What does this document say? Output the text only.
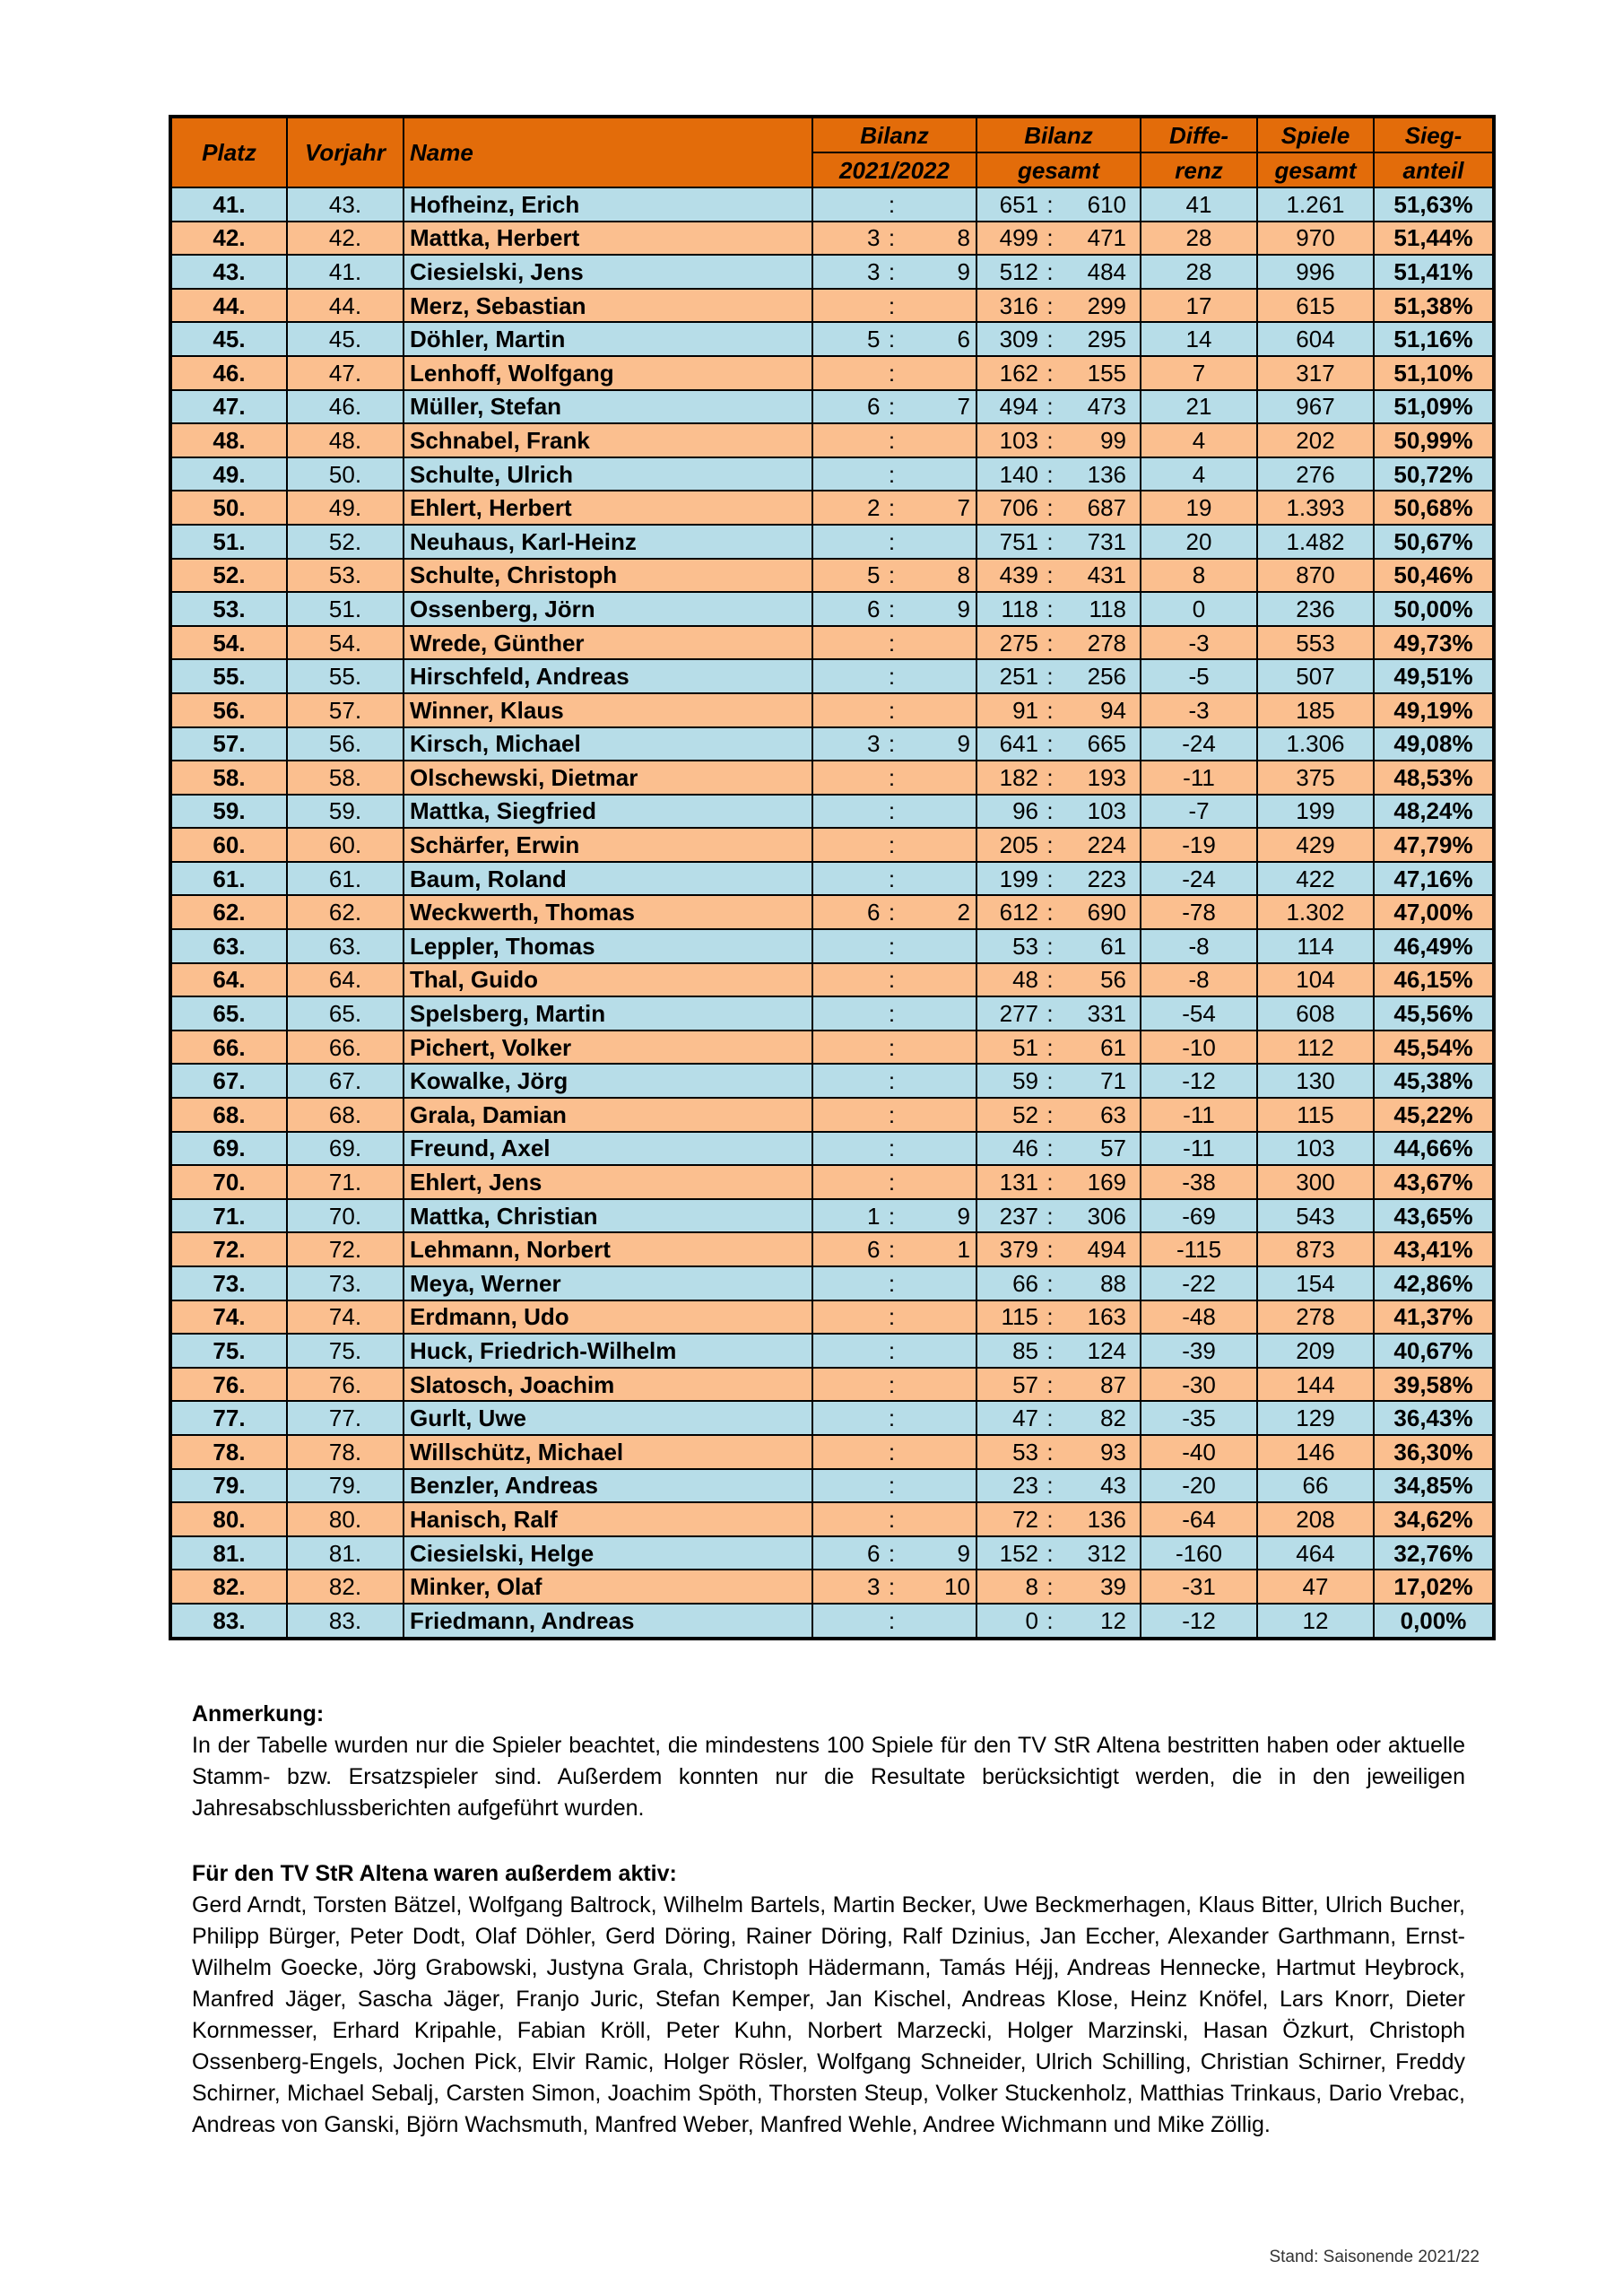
Platz	Vorjahr	Name	Bilanz	Bilanz	Diffe-	Spiele	Sieg-
			2021/2022	gesamt	renz	gesamt	anteil
41.	43.	Hofheinz, Erich	:	651 : 610	41	1.261	51,63%
42.	42.	Mattka, Herbert	3 : 8	499 : 471	28	970	51,44%
43.	41.	Ciesielski, Jens	3 : 9	512 : 484	28	996	51,41%
44.	44.	Merz, Sebastian	:	316 : 299	17	615	51,38%
45.	45.	Döhler, Martin	5 : 6	309 : 295	14	604	51,16%
46.	47.	Lenhoff, Wolfgang	:	162 : 155	7	317	51,10%
47.	46.	Müller, Stefan	6 : 7	494 : 473	21	967	51,09%
48.	48.	Schnabel, Frank	:	103 : 99	4	202	50,99%
49.	50.	Schulte, Ulrich	:	140 : 136	4	276	50,72%
50.	49.	Ehlert, Herbert	2 : 7	706 : 687	19	1.393	50,68%
51.	52.	Neuhaus, Karl-Heinz	:	751 : 731	20	1.482	50,67%
52.	53.	Schulte, Christoph	5 : 8	439 : 431	8	870	50,46%
53.	51.	Ossenberg, Jörn	6 : 9	118 : 118	0	236	50,00%
54.	54.	Wrede, Günther	:	275 : 278	-3	553	49,73%
55.	55.	Hirschfeld, Andreas	:	251 : 256	-5	507	49,51%
56.	57.	Winner, Klaus	:	91 : 94	-3	185	49,19%
57.	56.	Kirsch, Michael	3 : 9	641 : 665	-24	1.306	49,08%
58.	58.	Olschewski, Dietmar	:	182 : 193	-11	375	48,53%
59.	59.	Mattka, Siegfried	:	96 : 103	-7	199	48,24%
60.	60.	Schärfer, Erwin	:	205 : 224	-19	429	47,79%
61.	61.	Baum, Roland	:	199 : 223	-24	422	47,16%
62.	62.	Weckwerth, Thomas	6 : 2	612 : 690	-78	1.302	47,00%
63.	63.	Leppler, Thomas	:	53 : 61	-8	114	46,49%
64.	64.	Thal, Guido	:	48 : 56	-8	104	46,15%
65.	65.	Spelsberg, Martin	:	277 : 331	-54	608	45,56%
66.	66.	Pichert, Volker	:	51 : 61	-10	112	45,54%
67.	67.	Kowalke, Jörg	:	59 : 71	-12	130	45,38%
68.	68.	Grala, Damian	:	52 : 63	-11	115	45,22%
69.	69.	Freund, Axel	:	46 : 57	-11	103	44,66%
70.	71.	Ehlert, Jens	:	131 : 169	-38	300	43,67%
71.	70.	Mattka, Christian	1 : 9	237 : 306	-69	543	43,65%
72.	72.	Lehmann, Norbert	6 : 1	379 : 494	-115	873	43,41%
73.	73.	Meya, Werner	:	66 : 88	-22	154	42,86%
74.	74.	Erdmann, Udo	:	115 : 163	-48	278	41,37%
75.	75.	Huck, Friedrich-Wilhelm	:	85 : 124	-39	209	40,67%
76.	76.	Slatosch, Joachim	:	57 : 87	-30	144	39,58%
77.	77.	Gurlt, Uwe	:	47 : 82	-35	129	36,43%
78.	78.	Willschütz, Michael	:	53 : 93	-40	146	36,30%
79.	79.	Benzler, Andreas	:	23 : 43	-20	66	34,85%
80.	80.	Hanisch, Ralf	:	72 : 136	-64	208	34,62%
81.	81.	Ciesielski, Helge	6 : 9	152 : 312	-160	464	32,76%
82.	82.	Minker, Olaf	3 : 10	8 : 39	-31	47	17,02%
83.	83.	Friedmann, Andreas	:	0 : 12	-12	12	0,00%
Anmerkung:

In der Tabelle wurden nur die Spieler beachtet, die mindestens 100 Spiele für den TV StR Altena bestritten haben oder aktuelle Stamm- bzw. Ersatzspieler sind. Außerdem konnten nur die Resultate berücksichtigt werden, die in den jeweiligen Jahresabschlussberichten aufgeführt wurden.

Für den TV StR Altena waren außerdem aktiv:

Gerd Arndt, Torsten Bätzel, Wolfgang Baltrock, Wilhelm Bartels, Martin Becker, Uwe Beckmerhagen, Klaus Bitter, Ulrich Bucher, Philipp Bürger, Peter Dodt, Olaf Döhler, Gerd Döring, Rainer Döring, Ralf Dzinius, Jan Eccher, Alexander Garthmann, Ernst-Wilhelm Goecke, Jörg Grabowski, Justyna Grala, Christoph Hädermann, Tamás Héjj, Andreas Hennecke, Hartmut Heybrock, Manfred Jäger, Sascha Jäger, Franjo Juric, Stefan Kemper, Jan Kischel, Andreas Klose, Heinz Knöfel, Lars Knorr, Dieter Kornmesser, Erhard Kripahle, Fabian Kröll, Peter Kuhn, Norbert Marzecki, Holger Marzinski, Hasan Özkurt, Christoph Ossenberg-Engels, Jochen Pick, Elvir Ramic, Holger Rösler, Wolfgang Schneider, Ulrich Schilling, Christian Schirner, Freddy Schirner, Michael Sebalj, Carsten Simon, Joachim Spöth, Thorsten Steup, Volker Stuckenholz, Matthias Trinkaus, Dario Vrebac, Andreas von Ganski, Björn Wachsmuth, Manfred Weber, Manfred Wehle, Andree Wichmann und Mike Zöllig.

Stand: Saisonende 2021/22
